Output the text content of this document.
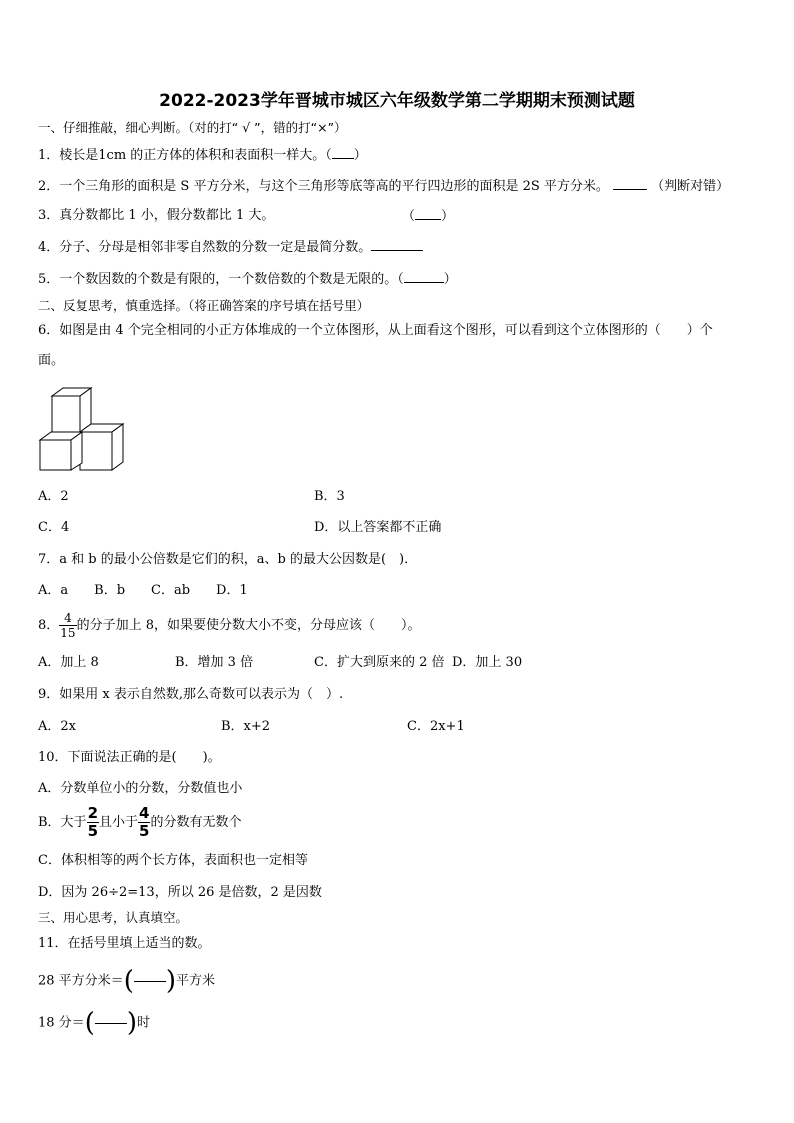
2022-2023学年晋城市城区六年级数学第二学期期末预测试题
一、仔细推敲，细心判断。（对的打“ √ ”，错的打“×”）
1．棱长是1cm 的正方体的体积和表面积一样大。（ ）
2．一个三角形的面积是 S 平方分米，与这个三角形等底等高的平行四边形的面积是 2S 平方分米。	（判断对错）
3．真分数都比 1 小，假分数都比 1 大。	（ ）
4．分子、分母是相邻非零自然数的分数一定是最简分数。
5．一个数因数的个数是有限的，一个数倍数的个数是无限的。（	）
二、反复思考，慎重选择。（将正确答案的序号填在括号里）
6．如图是由 4 个完全相同的小正方体堆成的一个立体图形，从上面看这个图形，可以看到这个立体图形的（　　）个
面。
A．2	B．3
C．4	D．以上答案都不正确
7．a 和 b 的最小公倍数是它们的积，a、b 的最大公因数是(　)．
A．a　　B．b　　C．ab　　D．1
8． $\frac{4}{15}$ 的分子加上 8，如果要使分数大小不变，分母应该（　　）。
A．加上 8	B．增加 3 倍	C．扩大到原来的 2 倍 D．加上 30
9．如果用 x 表示自然数,那么奇数可以表示为（　）.
A．2x	B．x+2	C．2x+1
10．下面说法正确的是(　　)。
A．分数单位小的分数，分数值也小
B．大于 $\frac{2}{5}$ 且小于 $\frac{4}{5}$ 的分数有无数个
C．体积相等的两个长方体，表面积也一定相等
D．因为 26÷2=13，所以 26 是倍数，2 是因数
三、用心思考，认真填空。
11．在括号里填上适当的数。
28 平方分米＝( )平方米
18 分＝( )时
